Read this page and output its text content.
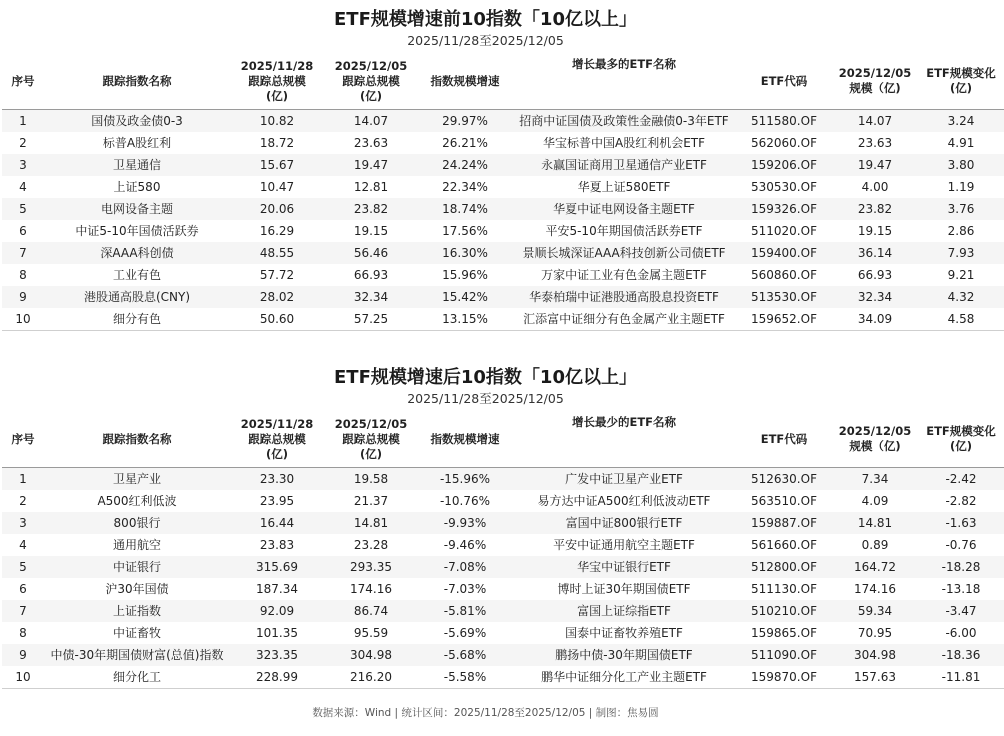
ETF规模增速前10指数「10亿以上」
2025/11/28至2025/12/05
序号	跟踪指数名称	2025/11/28
跟踪总规模
(亿)	2025/12/05
跟踪总规模
(亿)	指数规模增速	增长最多的ETF名称	ETF代码	2025/12/05
规模（亿)	ETF规模变化
(亿)
1	国债及政金债0-3	10.82	14.07	29.97%	招商中证国债及政策性金融债0-3年ETF	511580.OF	14.07	3.24
2	标普A股红利	18.72	23.63	26.21%	华宝标普中国A股红利机会ETF	562060.OF	23.63	4.91
3	卫星通信	15.67	19.47	24.24%	永赢国证商用卫星通信产业ETF	159206.OF	19.47	3.80
4	上证580	10.47	12.81	22.34%	华夏上证580ETF	530530.OF	4.00	1.19
5	电网设备主题	20.06	23.82	18.74%	华夏中证电网设备主题ETF	159326.OF	23.82	3.76
6	中证5-10年国债活跃券	16.29	19.15	17.56%	平安5-10年期国债活跃券ETF	511020.OF	19.15	2.86
7	深AAA科创债	48.55	56.46	16.30%	景顺长城深证AAA科技创新公司债ETF	159400.OF	36.14	7.93
8	工业有色	57.72	66.93	15.96%	万家中证工业有色金属主题ETF	560860.OF	66.93	9.21
9	港股通高股息(CNY)	28.02	32.34	15.42%	华泰柏瑞中证港股通高股息投资ETF	513530.OF	32.34	4.32
10	细分有色	50.60	57.25	13.15%	汇添富中证细分有色金属产业主题ETF	159652.OF	34.09	4.58
ETF规模增速后10指数「10亿以上」
2025/11/28至2025/12/05
序号	跟踪指数名称	2025/11/28
跟踪总规模
(亿)	2025/12/05
跟踪总规模
(亿)	指数规模增速	增长最少的ETF名称	ETF代码	2025/12/05
规模（亿)	ETF规模变化
(亿)
1	卫星产业	23.30	19.58	-15.96%	广发中证卫星产业ETF	512630.OF	7.34	-2.42
2	A500红利低波	23.95	21.37	-10.76%	易方达中证A500红利低波动ETF	563510.OF	4.09	-2.82
3	800银行	16.44	14.81	-9.93%	富国中证800银行ETF	159887.OF	14.81	-1.63
4	通用航空	23.83	23.28	-9.46%	平安中证通用航空主题ETF	561660.OF	0.89	-0.76
5	中证银行	315.69	293.35	-7.08%	华宝中证银行ETF	512800.OF	164.72	-18.28
6	沪30年国债	187.34	174.16	-7.03%	博时上证30年期国债ETF	511130.OF	174.16	-13.18
7	上证指数	92.09	86.74	-5.81%	富国上证综指ETF	510210.OF	59.34	-3.47
8	中证畜牧	101.35	95.59	-5.69%	国泰中证畜牧养殖ETF	159865.OF	70.95	-6.00
9	中债-30年期国债财富(总值)指数	323.35	304.98	-5.68%	鹏扬中债-30年期国债ETF	511090.OF	304.98	-18.36
10	细分化工	228.99	216.20	-5.58%	鹏华中证细分化工产业主题ETF	159870.OF	157.63	-11.81
数据来源：Wind | 统计区间：2025/11/28至2025/12/05 | 制图：焦易圆
